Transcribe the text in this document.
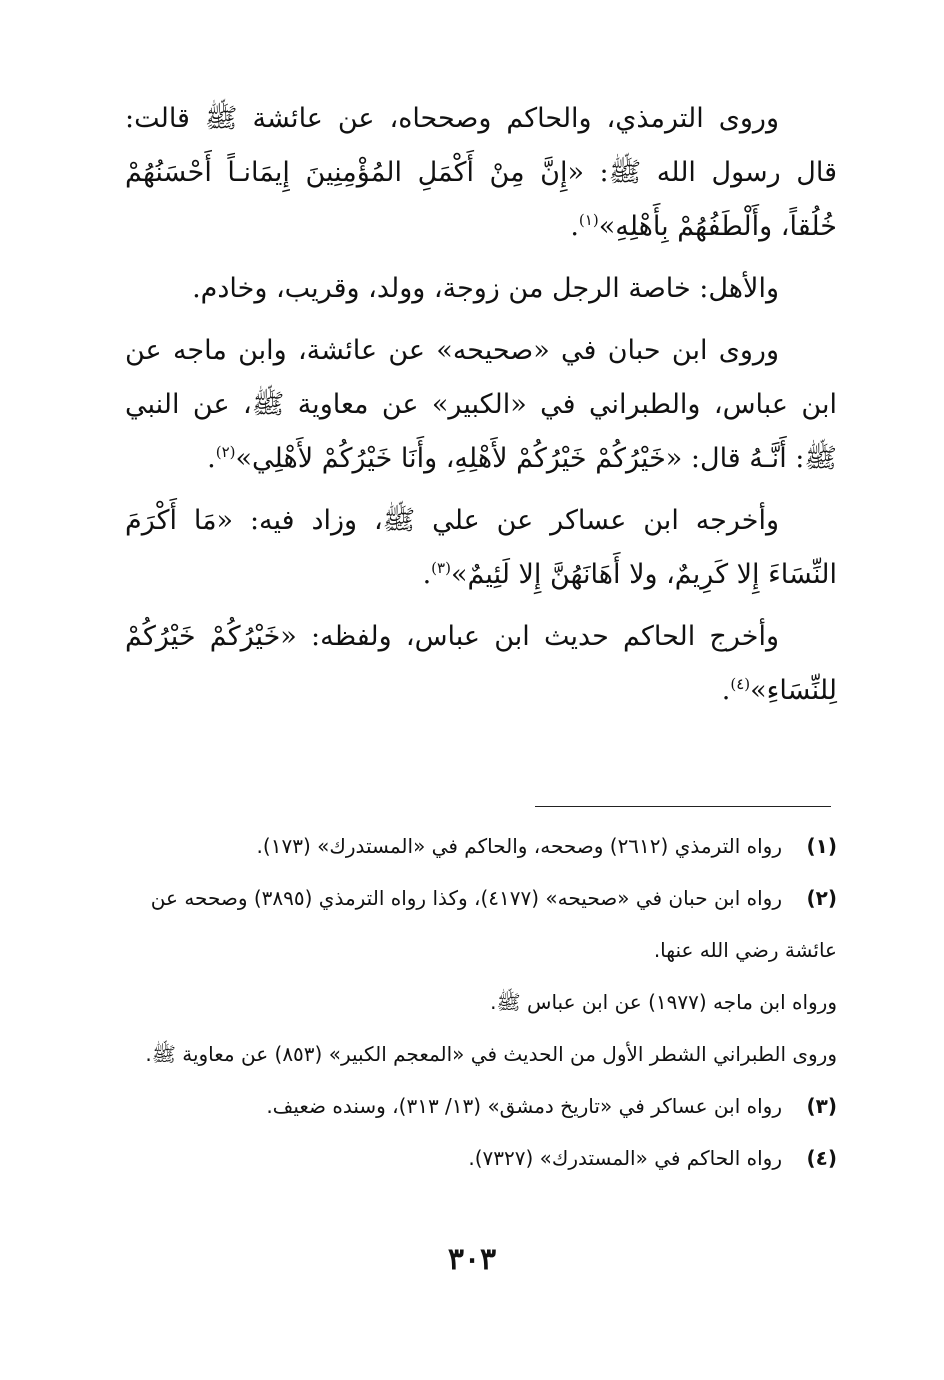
وروى الترمذي، والحاكم وصححاه، عن عائشة ﷺ قالت: قال رسول الله ﷺ: «إِنَّ مِنْ أَكْمَلِ المُؤْمِنِينَ إِيمَانـاً أَحْسَنُهُمْ خُلُقاً، وأَلْطَفُهُمْ بِأَهْلِهِ»$^{(١)}$.

والأهل: خاصة الرجل من زوجة، وولد، وقريب، وخادم.

وروى ابن حبان في «صحيحه» عن عائشة، وابن ماجه عن ابن عباس، والطبراني في «الكبير» عن معاوية ﷺ، عن النبي ﷺ: أَنَّـهُ قال: «خَيْرُكُمْ خَيْرُكُمْ لأَهْلِهِ، وأَنَا خَيْرُكُمْ لأَهْلِي»$^{(٢)}$.

وأخرجه ابن عساكر عن علي ﷺ، وزاد فيه: «مَا أَكْرَمَ النِّسَاءَ إِلا كَرِيمٌ، ولا أَهَانَهُنَّ إِلا لَئِيمٌ»$^{(٣)}$.

وأخرج الحاكم حديث ابن عباس، ولفظه: «خَيْرُكُمْ خَيْرُكُمْ لِلنِّسَاءِ»$^{(٤)}$.

(١)رواه الترمذي (٢٦١٢) وصححه، والحاكم في «المستدرك» (١٧٣).

(٢)رواه ابن حبان في «صحيحه» (٤١٧٧)، وكذا رواه الترمذي (٣٨٩٥) وصححه عن عائشة رضي الله عنها.
ورواه ابن ماجه (١٩٧٧) عن ابن عباس ﷺ.
وروى الطبراني الشطر الأول من الحديث في «المعجم الكبير» (٨٥٣) عن معاوية ﷺ.

(٣)رواه ابن عساكر في «تاريخ دمشق» (١٣/ ٣١٣)، وسنده ضعيف.

(٤)رواه الحاكم في «المستدرك» (٧٣٢٧).

٣٠٣
